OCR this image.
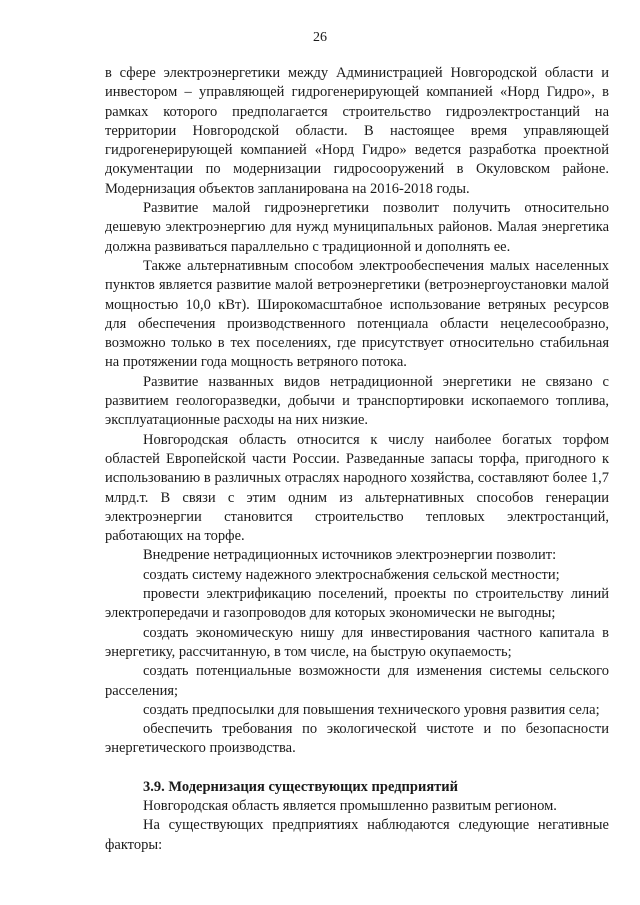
26

в сфере электроэнергетики между Администрацией Новгородской области и инвестором – управляющей гидрогенерирующей компанией «Норд Гидро», в рамках которого предполагается строительство гидроэлектростанций на территории Новгородской области. В настоящее время управляющей гидрогенерирующей компанией «Норд Гидро» ведется разработка проектной документации по модернизации гидросооружений в Окуловском районе. Модернизация объектов запланирована на 2016-2018 годы.

Развитие малой гидроэнергетики позволит получить относительно дешевую электроэнергию для нужд муниципальных районов. Малая энергетика должна развиваться параллельно с традиционной и дополнять ее.

Также альтернативным способом электрообеспечения малых населенных пунктов является развитие малой ветроэнергетики (ветроэнергоустановки малой мощностью 10,0 кВт). Широкомасштабное использование ветряных ресурсов для обеспечения производственного потенциала области нецелесообразно, возможно только в тех поселениях, где присутствует относительно стабильная на протяжении года мощность ветряного потока.

Развитие названных видов нетрадиционной энергетики не связано с развитием геологоразведки, добычи и транспортировки ископаемого топлива, эксплуатационные расходы на них низкие.

Новгородская область относится к числу наиболее богатых торфом областей Европейской части России. Разведанные запасы торфа, пригодного к использованию в различных отраслях народного хозяйства, составляют более 1,7 млрд.т. В связи с этим одним из альтернативных способов генерации электроэнергии становится строительство тепловых электростанций, работающих на торфе.

Внедрение нетрадиционных источников электроэнергии позволит:

создать систему надежного электроснабжения сельской местности;

провести электрификацию поселений, проекты по строительству линий электропередачи и газопроводов для которых экономически не выгодны;

создать экономическую нишу для инвестирования частного капитала в энергетику, рассчитанную, в том числе, на быструю окупаемость;

создать потенциальные возможности для изменения системы сельского расселения;

создать предпосылки для повышения технического уровня развития села;

обеспечить требования по экологической чистоте и по безопасности энергетического производства.

3.9. Модернизация существующих предприятий

Новгородская область является промышленно развитым регионом.

На существующих предприятиях наблюдаются следующие негативные факторы:
